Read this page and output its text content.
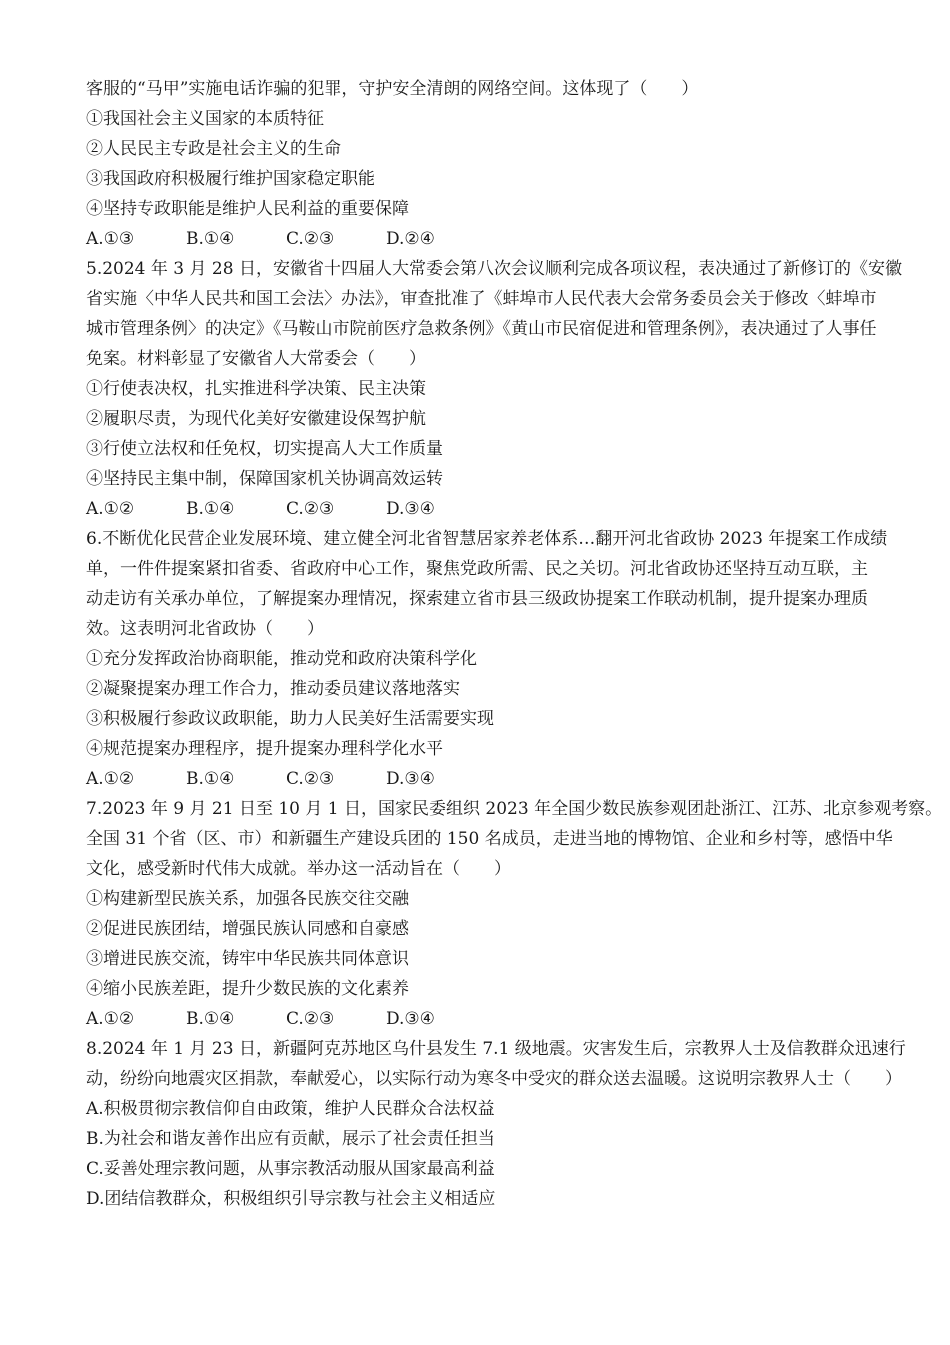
客服的“马甲”实施电话诈骗的犯罪，守护安全清朗的网络空间。这体现了（　　）
①我国社会主义国家的本质特征
②人民民主专政是社会主义的生命
③我国政府积极履行维护国家稳定职能
④坚持专政职能是维护人民利益的重要保障
A.①③	B.①④	C.②③	D.②④
5.2024 年 3 月 28 日，安徽省十四届人大常委会第八次会议顺利完成各项议程，表决通过了新修订的《安徽
省实施〈中华人民共和国工会法〉办法》，审查批准了《蚌埠市人民代表大会常务委员会关于修改〈蚌埠市
城市管理条例〉的决定》《马鞍山市院前医疗急救条例》《黄山市民宿促进和管理条例》，表决通过了人事任
免案。材料彰显了安徽省人大常委会（　　）
①行使表决权，扎实推进科学决策、民主决策
②履职尽责，为现代化美好安徽建设保驾护航
③行使立法权和任免权，切实提高人大工作质量
④坚持民主集中制，保障国家机关协调高效运转
A.①②	B.①④	C.②③	D.③④
6.不断优化民营企业发展环境、建立健全河北省智慧居家养老体系…翻开河北省政协 2023 年提案工作成绩
单，一件件提案紧扣省委、省政府中心工作，聚焦党政所需、民之关切。河北省政协还坚持互动互联，主
动走访有关承办单位，了解提案办理情况，探索建立省市县三级政协提案工作联动机制，提升提案办理质
效。这表明河北省政协（　　）
①充分发挥政治协商职能，推动党和政府决策科学化
②凝聚提案办理工作合力，推动委员建议落地落实
③积极履行参政议政职能，助力人民美好生活需要实现
④规范提案办理程序，提升提案办理科学化水平
A.①②	B.①④	C.②③	D.③④
7.2023 年 9 月 21 日至 10 月 1 日，国家民委组织 2023 年全国少数民族参观团赴浙江、江苏、北京参观考察。
全国 31 个省（区、市）和新疆生产建设兵团的 150 名成员，走进当地的博物馆、企业和乡村等，感悟中华
文化，感受新时代伟大成就。举办这一活动旨在（　　）
①构建新型民族关系，加强各民族交往交融
②促进民族团结，增强民族认同感和自豪感
③增进民族交流，铸牢中华民族共同体意识
④缩小民族差距，提升少数民族的文化素养
A.①②	B.①④	C.②③	D.③④
8.2024 年 1 月 23 日，新疆阿克苏地区乌什县发生 7.1 级地震。灾害发生后，宗教界人士及信教群众迅速行
动，纷纷向地震灾区捐款，奉献爱心，以实际行动为寒冬中受灾的群众送去温暖。这说明宗教界人士（　　）
A.积极贯彻宗教信仰自由政策，维护人民群众合法权益
B.为社会和谐友善作出应有贡献，展示了社会责任担当
C.妥善处理宗教问题，从事宗教活动服从国家最高利益
D.团结信教群众，积极组织引导宗教与社会主义相适应
